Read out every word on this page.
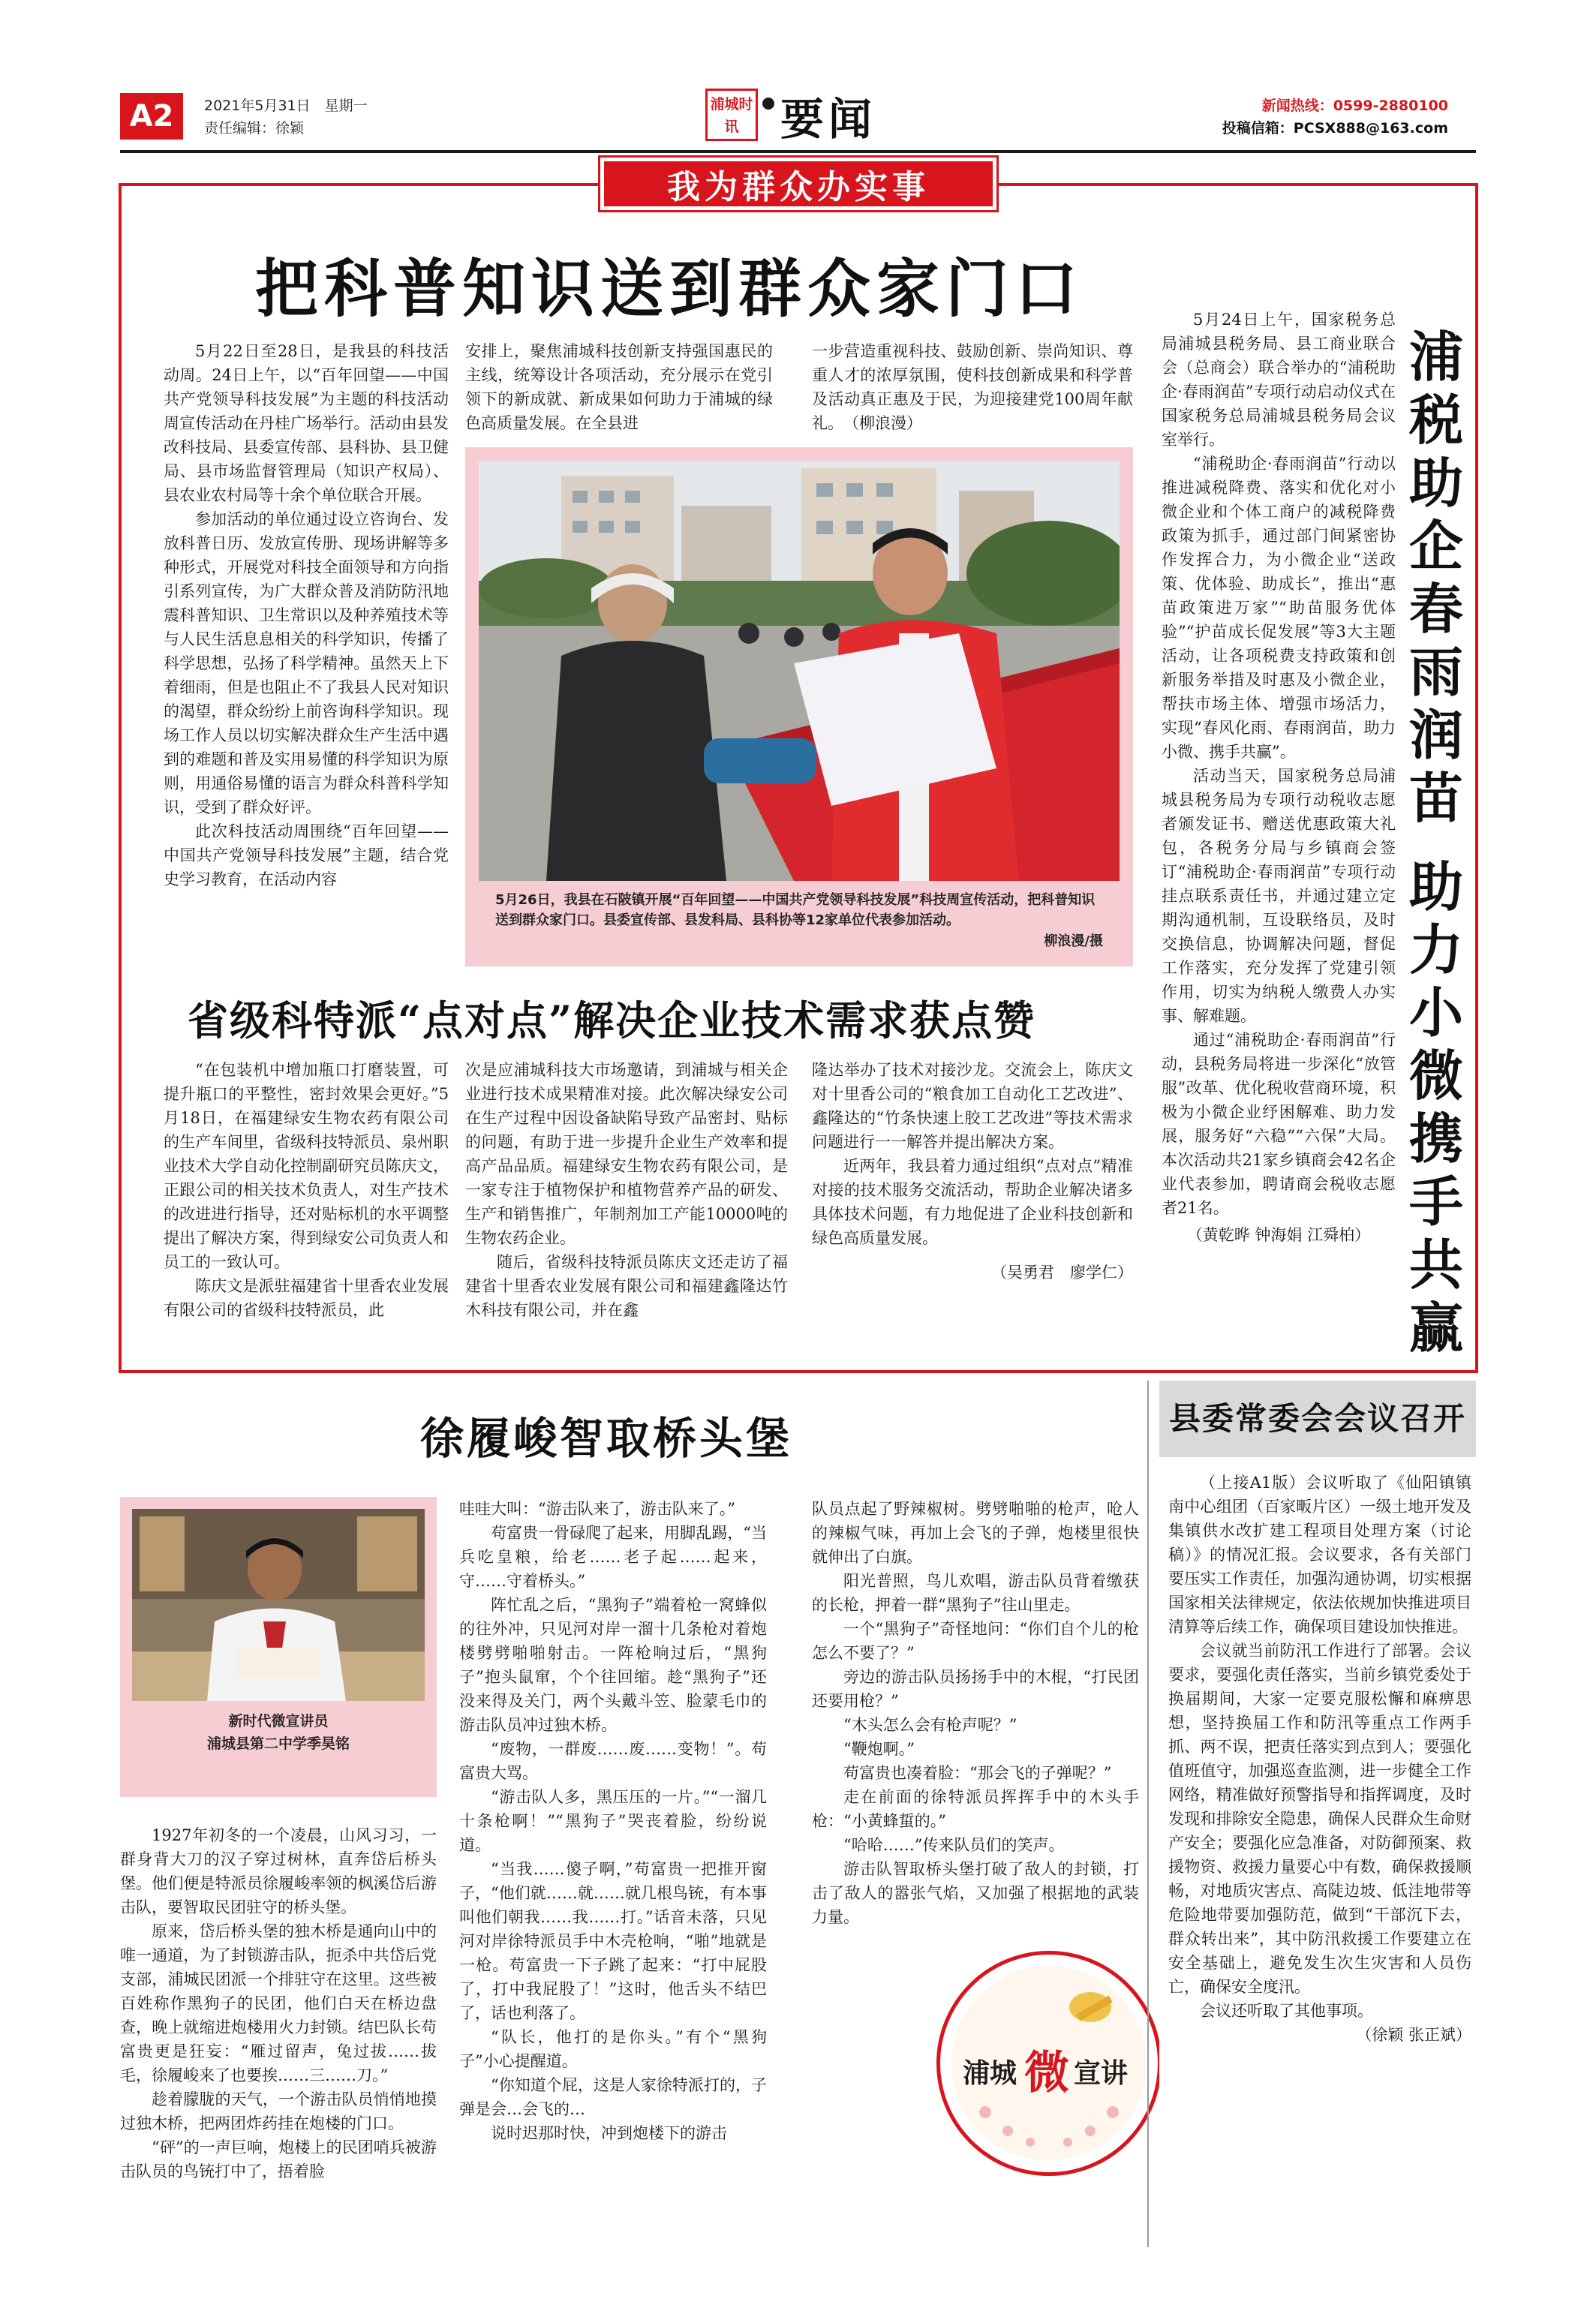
A2	2021年5月31日　星期一
责任编辑：徐颖
浦城时讯 要闻	新闻热线：0599-2880100
投稿信箱：PCSX888@163.com
我为群众办实事
把科普知识送到群众家门口

5月22日至28日，是我县的科技活动周。24日上午，以“百年回望——中国共产党领导科技发展”为主题的科技活动周宣传活动在丹桂广场举行。活动由县发改科技局、县委宣传部、县科协、县卫健局、县市场监督管理局（知识产权局）、县农业农村局等十余个单位联合开展。

参加活动的单位通过设立咨询台、发放科普日历、发放宣传册、现场讲解等多种形式，开展党对科技全面领导和方向指引系列宣传，为广大群众普及消防防汛地震科普知识、卫生常识以及种养殖技术等与人民生活息息相关的科学知识，传播了科学思想，弘扬了科学精神。虽然天上下着细雨，但是也阻止不了我县人民对知识的渴望，群众纷纷上前咨询科学知识。现场工作人员以切实解决群众生产生活中遇到的难题和普及实用易懂的科学知识为原则，用通俗易懂的语言为群众科普科学知识，受到了群众好评。

此次科技活动周围绕“百年回望——中国共产党领导科技发展”主题，结合党史学习教育，在活动内容

安排上，聚焦浦城科技创新支持强国惠民的主线，统筹设计各项活动，充分展示在党引领下的新成就、新成果如何助力于浦城的绿色高质量发展。在全县进

一步营造重视科技、鼓励创新、崇尚知识、尊重人才的浓厚氛围，使科技创新成果和科学普及活动真正惠及于民，为迎接建党100周年献礼。　（柳浪漫）

5月26日，我县在石陂镇开展“百年回望——中国共产党领导科技发展”科技周宣传活动，把科普知识送到群众家门口。县委宣传部、县发科局、县科协等12家单位代表参加活动。
柳浪漫/摄
省级科特派“点对点”解决企业技术需求获点赞

“在包装机中增加瓶口打磨装置，可提升瓶口的平整性，密封效果会更好。”5月18日，在福建绿安生物农药有限公司的生产车间里，省级科技特派员、泉州职业技术大学自动化控制副研究员陈庆文，正跟公司的相关技术负责人，对生产技术的改进进行指导，还对贴标机的水平调整提出了解决方案，得到绿安公司负责人和员工的一致认可。

陈庆文是派驻福建省十里香农业发展有限公司的省级科技特派员，此

次是应浦城科技大市场邀请，到浦城与相关企业进行技术成果精准对接。此次解决绿安公司在生产过程中因设备缺陷导致产品密封、贴标的问题，有助于进一步提升企业生产效率和提高产品品质。福建绿安生物农药有限公司，是一家专注于植物保护和植物营养产品的研发、生产和销售推广，年制剂加工产能10000吨的生物农药企业。

随后，省级科技特派员陈庆文还走访了福建省十里香农业发展有限公司和福建鑫隆达竹木科技有限公司，并在鑫

隆达举办了技术对接沙龙。交流会上，陈庆文对十里香公司的“粮食加工自动化工艺改进”、鑫隆达的“竹条快速上胶工艺改进”等技术需求问题进行一一解答并提出解决方案。

近两年，我县着力通过组织“点对点”精准对接的技术服务交流活动，帮助企业解决诸多具体技术问题，有力地促进了企业科技创新和绿色高质量发展。

（吴勇君　廖学仁）

5月24日上午，国家税务总局浦城县税务局、县工商业联合会（总商会）联合举办的“浦税助企·春雨润苗”专项行动启动仪式在国家税务总局浦城县税务局会议室举行。

“浦税助企·春雨润苗”行动以推进减税降费、落实和优化对小微企业和个体工商户的减税降费政策为抓手，通过部门间紧密协作发挥合力，为小微企业“送政策、优体验、助成长”，推出“惠苗政策进万家”“助苗服务优体验”“护苗成长促发展”等3大主题活动，让各项税费支持政策和创新服务举措及时惠及小微企业，帮扶市场主体、增强市场活力，实现“春风化雨、春雨润苗，助力小微、携手共赢”。

活动当天，国家税务总局浦城县税务局为专项行动税收志愿者颁发证书、赠送优惠政策大礼包，各税务分局与乡镇商会签订“浦税助企·春雨润苗”专项行动挂点联系责任书，并通过建立定期沟通机制，互设联络员，及时交换信息，协调解决问题，督促工作落实，充分发挥了党建引领作用，切实为纳税人缴费人办实事、解难题。

通过“浦税助企·春雨润苗”行动，县税务局将进一步深化“放管服”改革、优化税收营商环境，积极为小微企业纾困解难、助力发展，服务好“六稳”“六保”大局。本次活动共21家乡镇商会42名企业代表参加，聘请商会税收志愿者21名。

（黄乾晔 钟海娟 江舜柏）

浦税助企春雨润苗
助力小微携手共赢
徐履峻智取桥头堡
新时代微宣讲员
浦城县第二中学季昊铭

1927年初冬的一个凌晨，山风习习，一群身背大刀的汉子穿过树林，直奔岱后桥头堡。他们便是特派员徐履峻率领的枫溪岱后游击队，要智取民团驻守的桥头堡。

原来，岱后桥头堡的独木桥是通向山中的唯一通道，为了封锁游击队，扼杀中共岱后党支部，浦城民团派一个排驻守在这里。这些被百姓称作黑狗子的民团，他们白天在桥边盘查，晚上就缩进炮楼用火力封锁。结巴队长苟富贵更是狂妄：“雁过留声，兔过拔……拔毛，徐履峻来了也要挨……三……刀。”

趁着朦胧的天气，一个游击队员悄悄地摸过独木桥，把两团炸药挂在炮楼的门口。

“砰”的一声巨响，炮楼上的民团哨兵被游击队员的鸟铳打中了，捂着脸

哇哇大叫：“游击队来了，游击队来了。”

苟富贵一骨碌爬了起来，用脚乱踢，“当兵吃皇粮，给老……老子起……起来，守……守着桥头。”

阵忙乱之后，“黑狗子”端着枪一窝蜂似的往外冲，只见河对岸一溜十几条枪对着炮楼劈劈啪啪射击。一阵枪响过后，“黑狗子”抱头鼠窜，个个往回缩。趁“黑狗子”还没来得及关门，两个头戴斗笠、脸蒙毛巾的游击队员冲过独木桥。

“废物，一群废……废……变物！”。苟富贵大骂。

“游击队人多，黑压压的一片。”“一溜几十条枪啊！”“黑狗子”哭丧着脸，纷纷说道。

“当我……傻子啊，”苟富贵一把推开窗子，“他们就……就……就几根鸟铳，有本事叫他们朝我……我……打。”话音未落，只见河对岸徐特派员手中木壳枪响，“啪”地就是一枪。苟富贵一下子跳了起来：“打中屁股了，打中我屁股了！”这时，他舌头不结巴了，话也利落了。

“队长，他打的是你头。”有个“黑狗子”小心提醒道。

“你知道个屁，这是人家徐特派打的，子弹是会…会飞的…

说时迟那时快，冲到炮楼下的游击

队员点起了野辣椒树。劈劈啪啪的枪声，呛人的辣椒气味，再加上会飞的子弹，炮楼里很快就伸出了白旗。

阳光普照，鸟儿欢唱，游击队员背着缴获的长枪，押着一群“黑狗子”往山里走。

一个“黑狗子”奇怪地问：“你们自个儿的枪怎么不要了？”

旁边的游击队员扬扬手中的木棍，“打民团还要用枪？”

“木头怎么会有枪声呢？”

“鞭炮啊。”

苟富贵也凑着脸：“那会飞的子弹呢？”

走在前面的徐特派员挥挥手中的木头手枪：“小黄蜂蜇的。”

“哈哈……”传来队员们的笑声。

游击队智取桥头堡打破了敌人的封锁，打击了敌人的嚣张气焰，又加强了根据地的武装力量。

浦城 微 宣讲
县委常委会会议召开

（上接A1版）会议听取了《仙阳镇镇南中心组团（百家畈片区）一级土地开发及集镇供水改扩建工程项目处理方案（讨论稿）》的情况汇报。会议要求，各有关部门要压实工作责任，加强沟通协调，切实根据国家相关法律规定，依法依规加快推进项目清算等后续工作，确保项目建设加快推进。

会议就当前防汛工作进行了部署。会议要求，要强化责任落实，当前乡镇党委处于换届期间，大家一定要克服松懈和麻痹思想，坚持换届工作和防汛等重点工作两手抓、两不误，把责任落实到点到人；要强化值班值守，加强巡查监测，进一步健全工作网络，精准做好预警指导和指挥调度，及时发现和排除安全隐患，确保人民群众生命财产安全；要强化应急准备，对防御预案、救援物资、救援力量要心中有数，确保救援顺畅，对地质灾害点、高陡边坡、低洼地带等危险地带要加强防范，做到“干部沉下去，群众转出来”，其中防汛救援工作要建立在安全基础上，避免发生次生灾害和人员伤亡，确保安全度汛。

会议还听取了其他事项。

（徐颖 张正斌）
